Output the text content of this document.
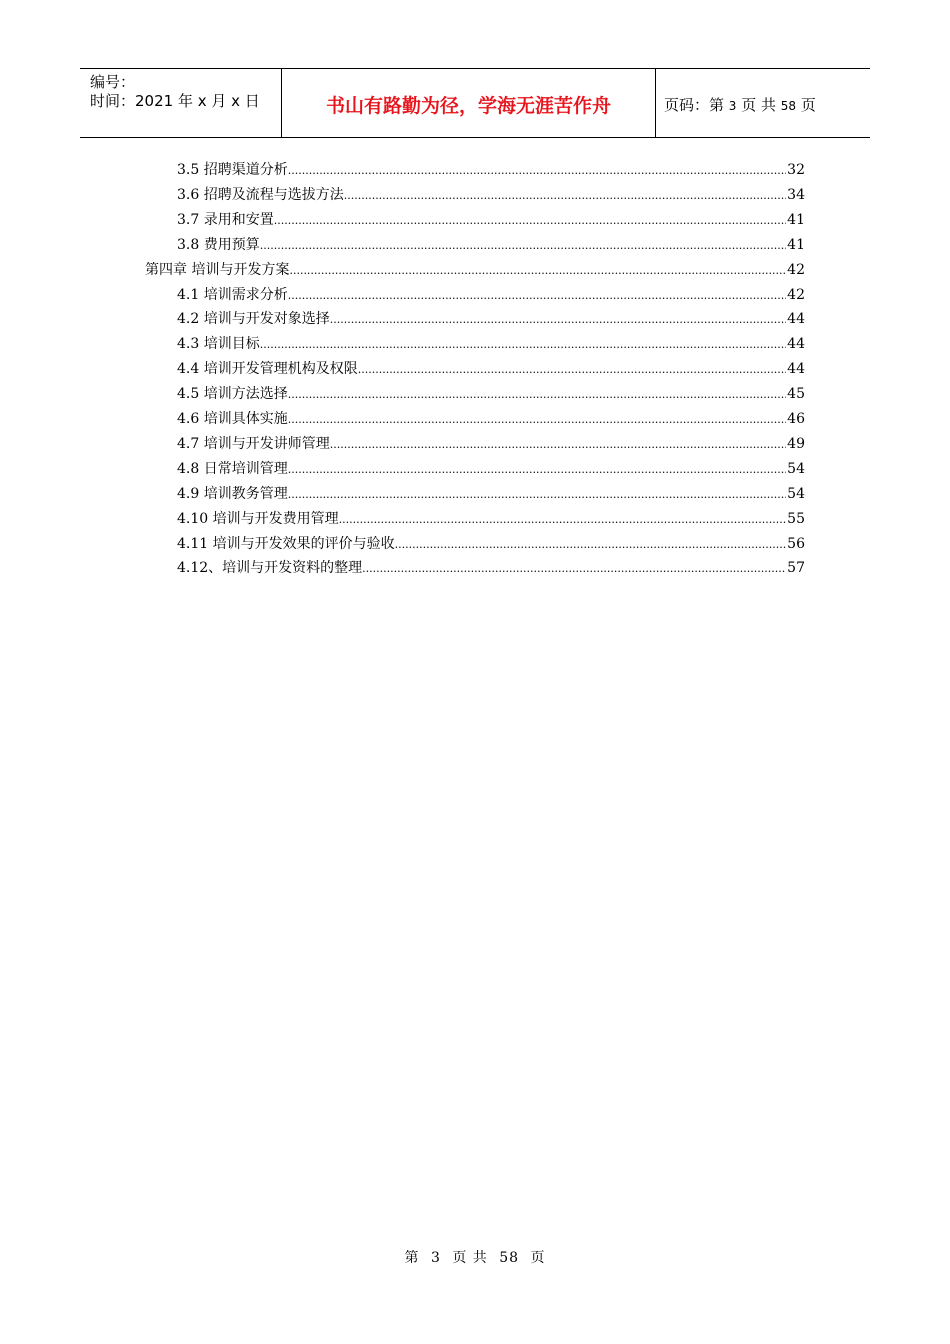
编号：
时间：2021 年 x 月 x 日	书山有路勤为径，学海无涯苦作舟	页码：第 3 页 共 58 页
3.5 招聘渠道分析 .....	32
3.6 招聘及流程与选拔方法 .....	34
3.7 录用和安置 .....	41
3.8 费用预算 .....	41
第四章 培训与开发方案 .....	42
4.1 培训需求分析 .....	42
4.2 培训与开发对象选择 .....	44
4.3 培训目标 .....	44
4.4 培训开发管理机构及权限 .....	44
4.5 培训方法选择 .....	45
4.6 培训具体实施 .....	46
4.7 培训与开发讲师管理 .....	49
4.8 日常培训管理 .....	54
4.9 培训教务管理 .....	54
4.10 培训与开发费用管理 .....	55
4.11 培训与开发效果的评价与验收 .....	56
4.12、培训与开发资料的整理 .....	57
第 3 页 共 58 页
